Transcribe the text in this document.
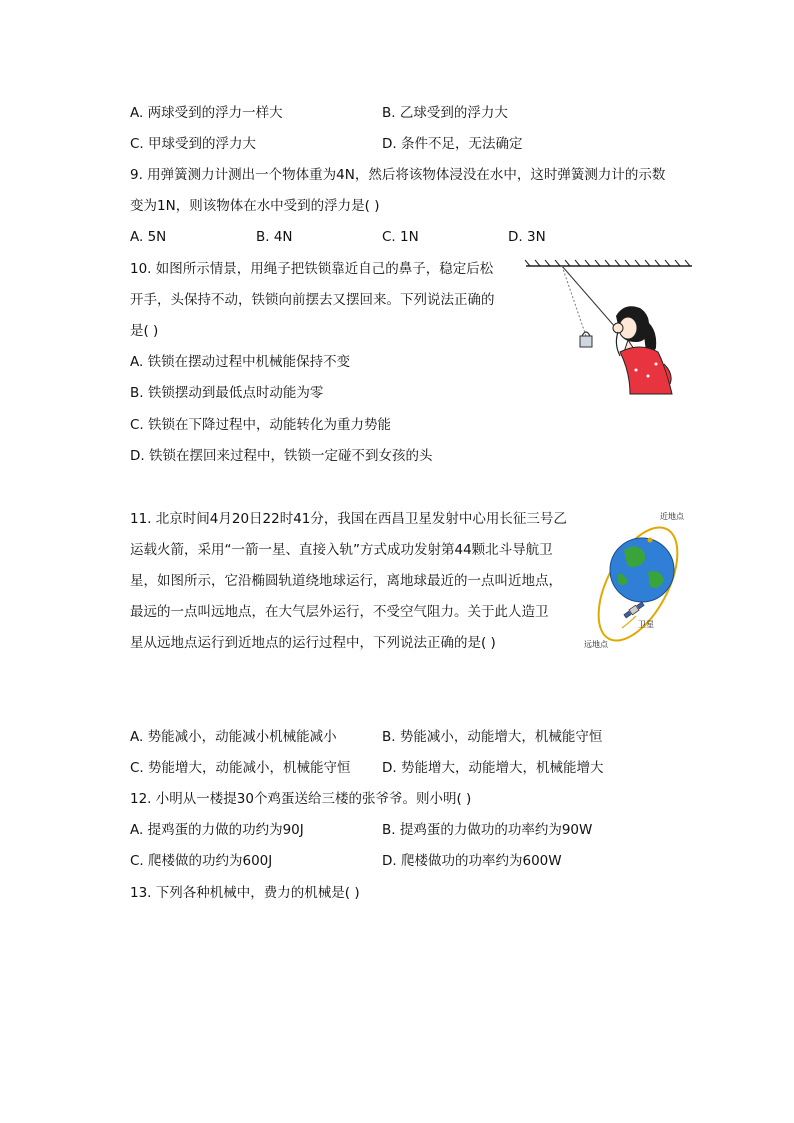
A. 两球受到的浮力一样大	B. 乙球受到的浮力大
C. 甲球受到的浮力大	D. 条件不足，无法确定
9. 用弹簧测力计测出一个物体重为4N，然后将该物体浸没在水中，这时弹簧测力计的示数
变为1N，则该物体在水中受到的浮力是( )
A. 5N	B. 4N	C. 1N	D. 3N
10. 如图所示情景，用绳子把铁锁靠近自己的鼻子，稳定后松
开手，头保持不动，铁锁向前摆去又摆回来。下列说法正确的
是( )
A. 铁锁在摆动过程中机械能保持不变
B. 铁锁摆动到最低点时动能为零
C. 铁锁在下降过程中，动能转化为重力势能
D. 铁锁在摆回来过程中，铁锁一定碰不到女孩的头
11. 北京时间4月20日22时41分，我国在西昌卫星发射中心用长征三号乙
运载火箭，采用“一箭一星、直接入轨”方式成功发射第44颗北斗导航卫
星，如图所示，它沿椭圆轨道绕地球运行，离地球最近的一点叫近地点，
最远的一点叫远地点，在大气层外运行，不受空气阻力。关于此人造卫
星从远地点运行到近地点的运行过程中，下列说法正确的是( )
近地点
远地点
卫星
A. 势能减小，动能减小机械能减小	B. 势能减小，动能增大，机械能守恒
C. 势能增大，动能减小，机械能守恒 D. 势能增大，动能增大，机械能增大
12. 小明从一楼提30个鸡蛋送给三楼的张爷爷。则小明( )
A. 提鸡蛋的力做的功约为90J	B. 提鸡蛋的力做功的功率约为90W
C. 爬楼做的功约为600J	D. 爬楼做功的功率约为600W
13. 下列各种机械中，费力的机械是( )
